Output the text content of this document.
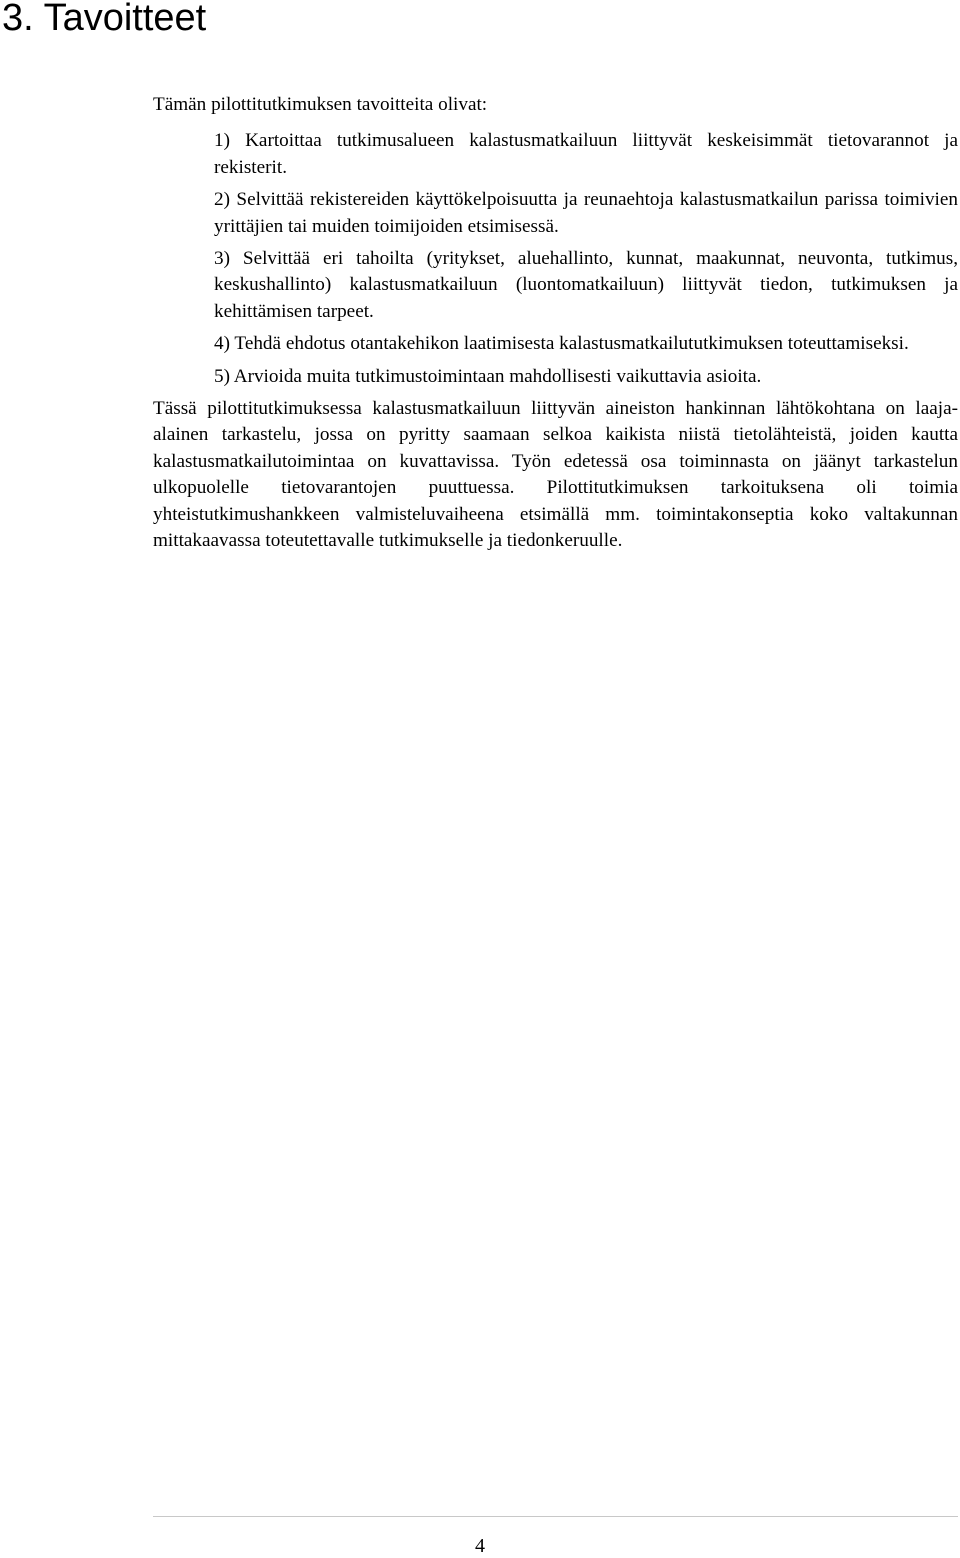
3. Tavoitteet

Tämän pilottitutkimuksen tavoitteita olivat:

1) Kartoittaa tutkimusalueen kalastusmatkailuun liittyvät keskeisimmät tietovarannot ja rekisterit.

2) Selvittää rekistereiden käyttökelpoisuutta ja reunaehtoja kalastusmatkailun parissa toimivien yrittäjien tai muiden toimijoiden etsimisessä.

3) Selvittää eri tahoilta (yritykset, aluehallinto, kunnat, maakunnat, neuvonta, tutkimus, keskushallinto) kalastusmatkailuun (luontomatkailuun) liittyvät tiedon, tutkimuksen ja kehittämisen tarpeet.

4) Tehdä ehdotus otantakehikon laatimisesta kalastusmatkailututkimuksen toteuttamiseksi.

5) Arvioida muita tutkimustoimintaan mahdollisesti vaikuttavia asioita.

Tässä pilottitutkimuksessa kalastusmatkailuun liittyvän aineiston hankinnan lähtökohtana on laaja-alainen tarkastelu, jossa on pyritty saamaan selkoa kaikista niistä tietolähteistä, joiden kautta kalastusmatkailutoimintaa on kuvattavissa. Työn edetessä osa toiminnasta on jäänyt tarkastelun ulkopuolelle tietovarantojen puuttuessa. Pilottitutkimuksen tarkoituksena oli toimia yhteistutkimushankkeen valmisteluvaiheena etsimällä mm. toimintakonseptia koko valtakunnan mittakaavassa toteutettavalle tutkimukselle ja tiedonkeruulle.

4
